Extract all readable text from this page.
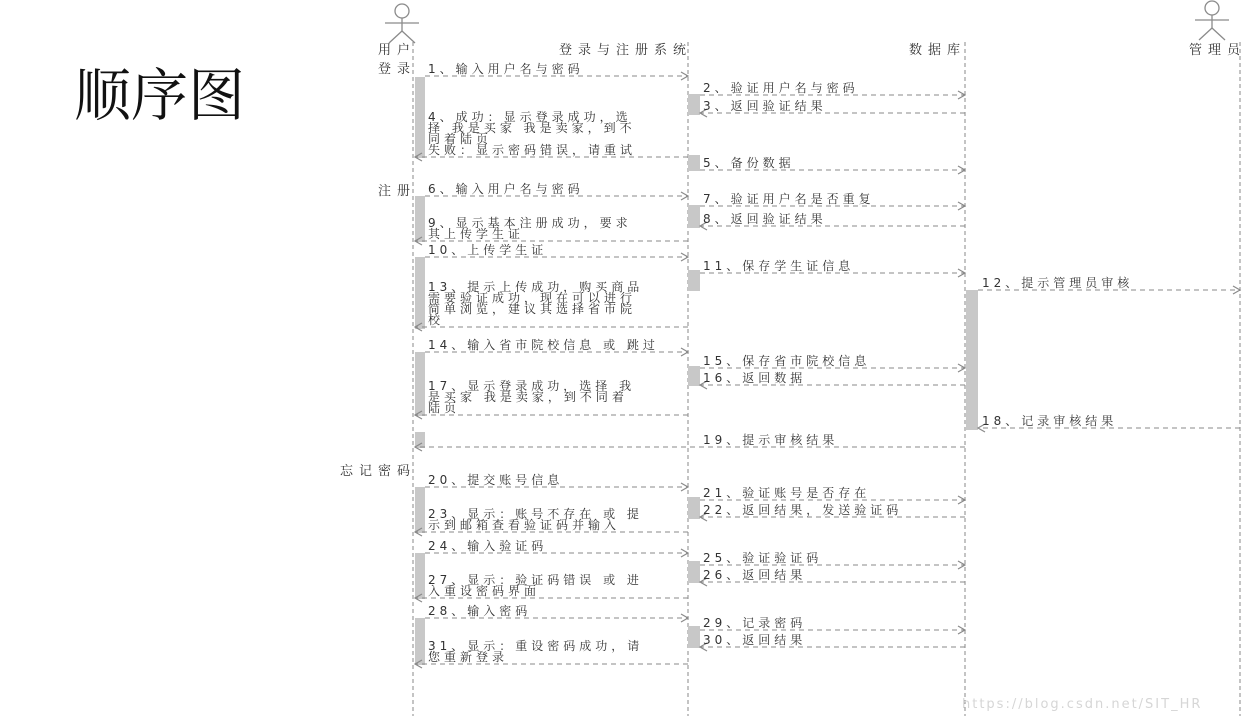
顺序图
用户	登录与注册系统	数据库	管理员
登录
注册
忘记密码
1、输入用户名与密码
2、验证用户名与密码
3、返回验证结果
4、成功：显示登录成功，选
择 我是买家 我是卖家，到不
同着陆页
失败：显示密码错误，请重试
5、备份数据
6、输入用户名与密码
7、验证用户名是否重复
8、返回验证结果
9、显示基本注册成功，要求
其上传学生证
10、上传学生证
11、保存学生证信息
12、提示管理员审核
13、提示上传成功，购买商品
需要验证成功，现在可以进行
简单浏览，建议其选择省市院
校
14、输入省市院校信息 或 跳过
15、保存省市院校信息
16、返回数据
17、显示登录成功，选择 我
是买家 我是卖家，到不同着
陆页
18、记录审核结果
19、提示审核结果
20、提交账号信息
21、验证账号是否存在
22、返回结果，发送验证码
23、显示：账号不存在 或 提
示到邮箱查看验证码并输入
24、输入验证码
25、验证验证码
26、返回结果
27、显示：验证码错误 或 进
入重设密码界面
28、输入密码
29、记录密码
30、返回结果
31、显示：重设密码成功，请
您重新登录
https://blog.csdn.net/SIT_HR
